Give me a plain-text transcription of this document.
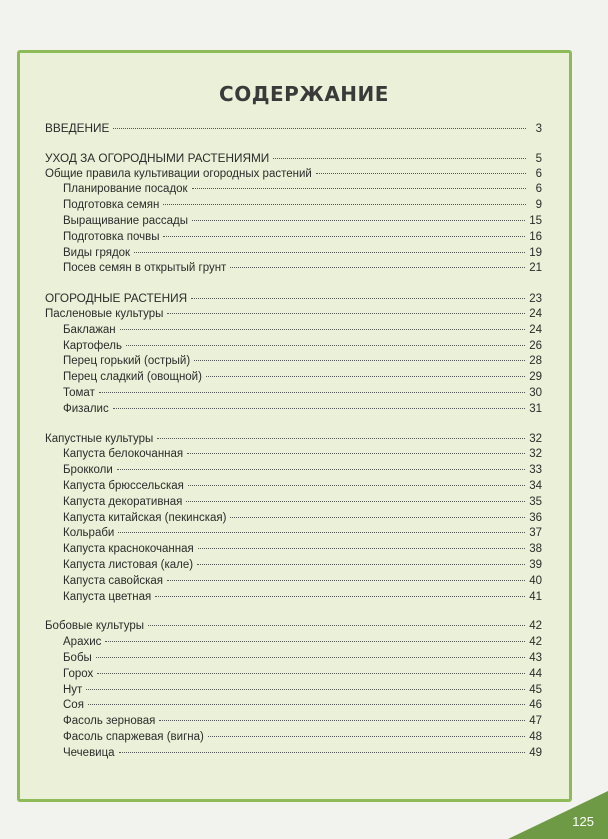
СОДЕРЖАНИЕ
ВВЕДЕНИЕ	3
УХОД ЗА ОГОРОДНЫМИ РАСТЕНИЯМИ	5
Общие правила культивации огородных растений	6
Планирование посадок	6
Подготовка семян	9
Выращивание рассады	15
Подготовка почвы	16
Виды грядок	19
Посев семян в открытый грунт	21
ОГОРОДНЫЕ РАСТЕНИЯ	23
Пасленовые культуры	24
Баклажан	24
Картофель	26
Перец горький (острый)	28
Перец сладкий (овощной)	29
Томат	30
Физалис	31
Капустные культуры	32
Капуста белокочанная	32
Брокколи	33
Капуста брюссельская	34
Капуста декоративная	35
Капуста китайская (пекинская)	36
Кольраби	37
Капуста краснокочанная	38
Капуста листовая (кале)	39
Капуста савойская	40
Капуста цветная	41
Бобовые культуры	42
Арахис	42
Бобы	43
Горох	44
Нут	45
Соя	46
Фасоль зерновая	47
Фасоль спаржевая (вигна)	48
Чечевица	49
125
